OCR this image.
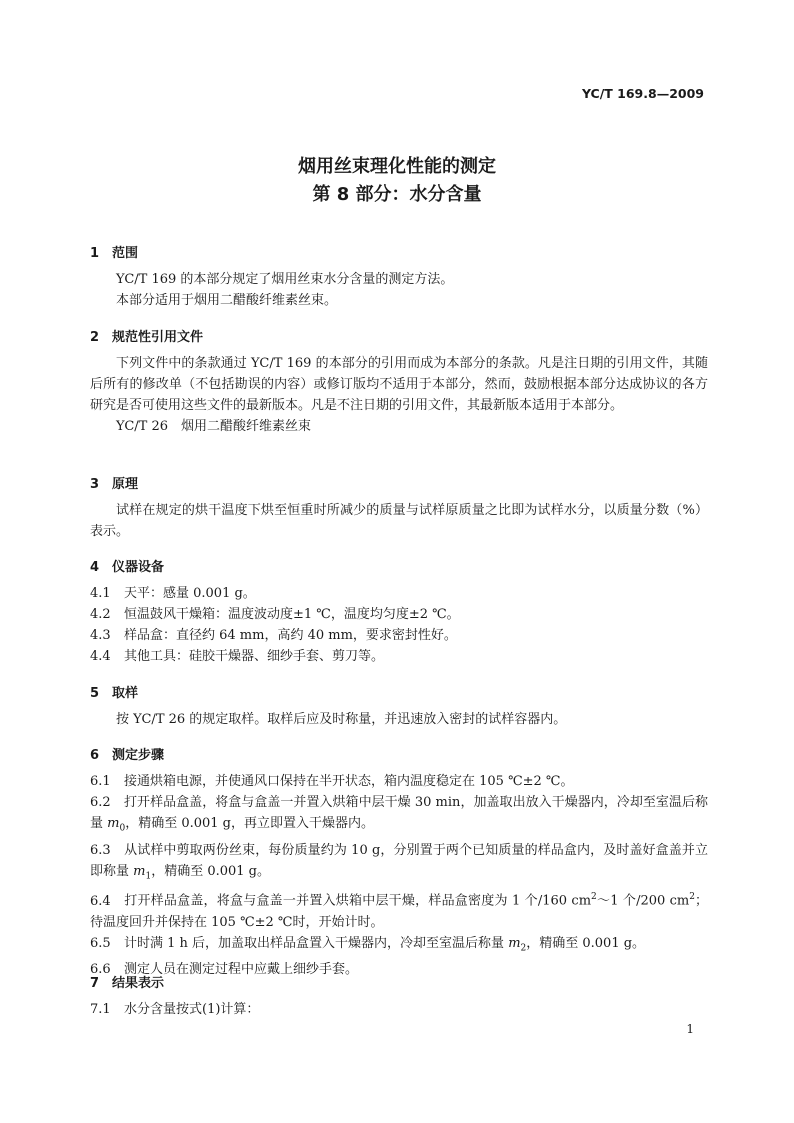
YC/T 169.8—2009
烟用丝束理化性能的测定
第 8 部分：水分含量
1 范围
YC/T 169 的本部分规定了烟用丝束水分含量的测定方法。
本部分适用于烟用二醋酸纤维素丝束。
2 规范性引用文件
下列文件中的条款通过 YC/T 169 的本部分的引用而成为本部分的条款。凡是注日期的引用文件，其随后所有的修改单（不包括勘误的内容）或修订版均不适用于本部分，然而，鼓励根据本部分达成协议的各方研究是否可使用这些文件的最新版本。凡是不注日期的引用文件，其最新版本适用于本部分。
YC/T 26　烟用二醋酸纤维素丝束
3 原理
试样在规定的烘干温度下烘至恒重时所减少的质量与试样原质量之比即为试样水分，以质量分数（%）表示。
4 仪器设备
4.1 天平：感量 0.001 g。
4.2 恒温鼓风干燥箱：温度波动度±1 ℃，温度均匀度±2 ℃。
4.3 样品盒：直径约 64 mm，高约 40 mm，要求密封性好。
4.4 其他工具：硅胶干燥器、细纱手套、剪刀等。
5 取样
按 YC/T 26 的规定取样。取样后应及时称量，并迅速放入密封的试样容器内。
6 测定步骤
6.1 接通烘箱电源，并使通风口保持在半开状态，箱内温度稳定在 105 ℃±2 ℃。
6.2 打开样品盒盖，将盒与盒盖一并置入烘箱中层干燥 30 min，加盖取出放入干燥器内，冷却至室温后称量 $m_0$，精确至 0.001 g，再立即置入干燥器内。
6.3 从试样中剪取两份丝束，每份质量约为 10 g，分别置于两个已知质量的样品盒内，及时盖好盒盖并立即称量 $m_1$，精确至 0.001 g。
6.4 打开样品盒盖，将盒与盒盖一并置入烘箱中层干燥，样品盒密度为 1 个/160 $cm^2\sim 1$ 个/200 $cm^2$；待温度回升并保持在 105 ℃±2 ℃时，开始计时。
6.5 计时满 1 h 后，加盖取出样品盒置入干燥器内，冷却至室温后称量 $m_2$，精确至 0.001 g。
6.6 测定人员在测定过程中应戴上细纱手套。
7 结果表示
7.1 水分含量按式(1)计算：
1
